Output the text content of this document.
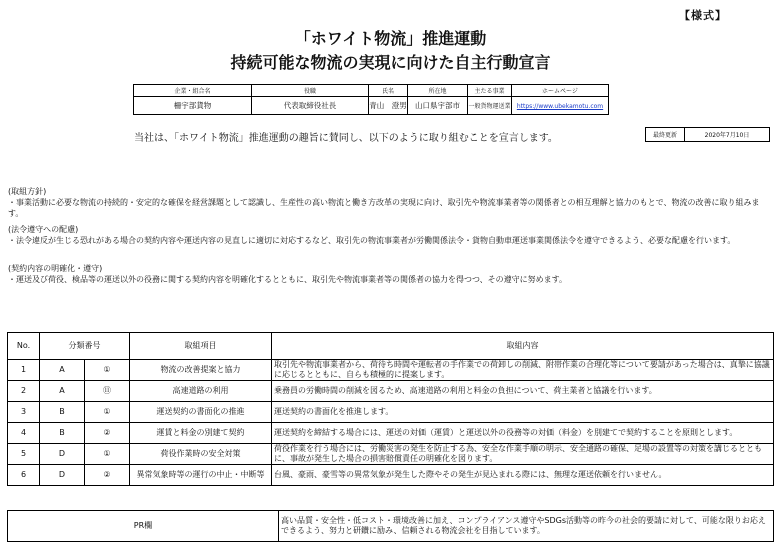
【様式】
「ホワイト物流」推進運動
持続可能な物流の実現に向けた自主行動宣言
企業・組合名	役職	氏名	所在地	主たる事業	ホームページ
柵宇部貨物	代表取締役社長	青山　澄男	山口県宇部市	一般貨物運送業	https://www.ubekamotu.com
当社は、「ホワイト物流」推進運動の趣旨に賛同し、以下のように取り組むことを宣言します。	最終更新	2020年7月10日
(取組方針)
・事業活動に必要な物流の持続的・安定的な確保を経営課題として認識し、生産性の高い物流と働き方改革の実現に向け、取引先や物流事業者等の関係者との相互理解と協力のもとで、物流の改善に取り組みます。
(法令遵守への配慮)
・法令違反が生じる恐れがある場合の契約内容や運送内容の見直しに適切に対応するなど、取引先の物流事業者が労働関係法令・貨物自動車運送事業関係法令を遵守できるよう、必要な配慮を行います。
(契約内容の明確化・遵守)
・運送及び荷役、検品等の運送以外の役務に関する契約内容を明確化するとともに、取引先や物流事業者等の関係者の協力を得つつ、その遵守に努めます。
No.	分類番号		取組項目	取組内容
1	A	①	物流の改善提案と協力	取引先や物流事業者から、荷待ち時間や運転者の手作業での荷卸しの削減、附帯作業の合理化等について要請があった場合は、真摯に協議に応じるとともに、自らも積極的に提案します。
2	A	⑪	高速道路の利用	乗務員の労働時間の削減を図るため、高速道路の利用と料金の負担について、荷主業者と協議を行います。
3	B	①	運送契約の書面化の推進	運送契約の書面化を推進します。
4	B	②	運賃と料金の別建て契約	運送契約を締結する場合には、運送の対価（運賃）と運送以外の役務等の対価（料金）を別建てで契約することを原則とします。
5	D	①	荷役作業時の安全対策	荷役作業を行う場合には、労働災害の発生を防止する為、安全な作業手順の明示、安全通路の確保、足場の設置等の対策を講じるとともに、事故が発生した場合の損害賠償責任の明確化を図ります。
6	D	②	異常気象時等の運行の中止・中断等	台風、豪雨、豪雪等の異常気象が発生した際やその発生が見込まれる際には、無理な運送依頼を行いません。
PR欄	高い品質・安全性・低コスト・環境改善に加え、コンプライアンス遵守やSDGs活動等の昨今の社会的要請に対して、可能な限りお応えできるよう、努力と研鑽に励み、信頼される物流会社を目指しています。
